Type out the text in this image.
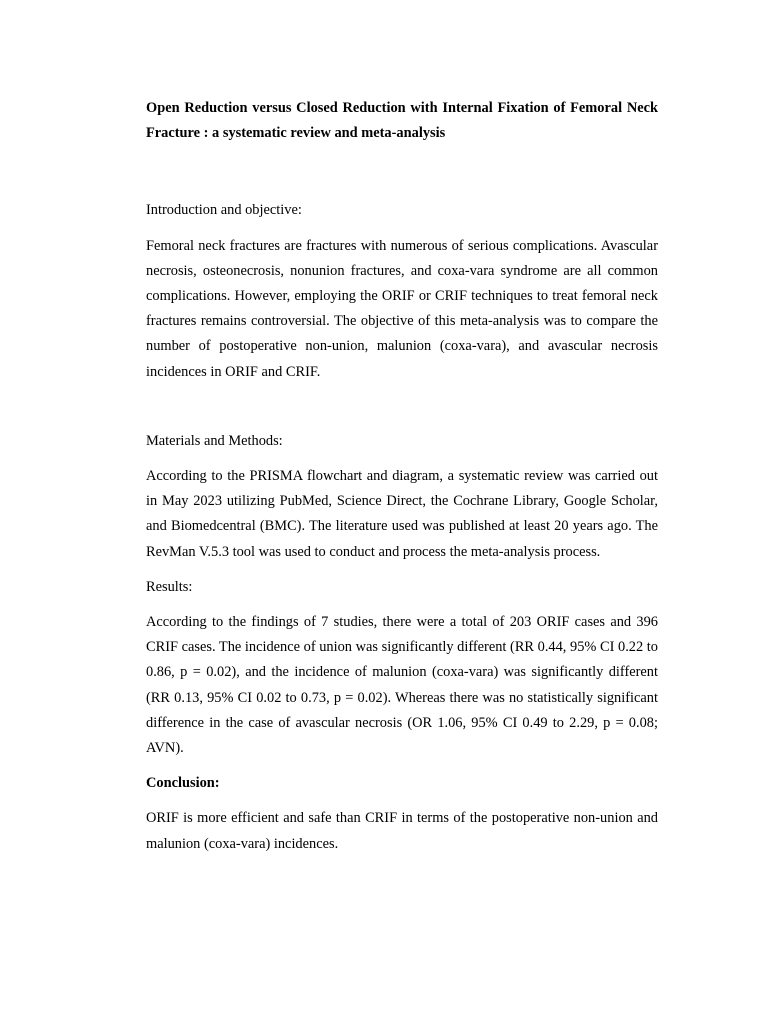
Open Reduction versus Closed Reduction with Internal Fixation of Femoral Neck Fracture : a systematic review and meta-analysis

Introduction and objective:

Femoral neck fractures are fractures with numerous of serious complications. Avascular necrosis, osteonecrosis, nonunion fractures, and coxa-vara syndrome are all common complications. However, employing the ORIF or CRIF techniques to treat femoral neck fractures remains controversial. The objective of this meta-analysis was to compare the number of postoperative non-union, malunion (coxa-vara), and avascular necrosis incidences in ORIF and CRIF.

Materials and Methods:

According to the PRISMA flowchart and diagram, a systematic review was carried out in May 2023 utilizing PubMed, Science Direct, the Cochrane Library, Google Scholar, and Biomedcentral (BMC). The literature used was published at least 20 years ago. The RevMan V.5.3 tool was used to conduct and process the meta-analysis process.

Results:

According to the findings of 7 studies, there were a total of 203 ORIF cases and 396 CRIF cases. The incidence of union was significantly different (RR 0.44, 95% CI 0.22 to 0.86, p = 0.02), and the incidence of malunion (coxa-vara) was significantly different (RR 0.13, 95% CI 0.02 to 0.73, p = 0.02). Whereas there was no statistically significant difference in the case of avascular necrosis (OR 1.06, 95% CI 0.49 to 2.29, p = 0.08; AVN).

Conclusion:

ORIF is more efficient and safe than CRIF in terms of the postoperative non-union and malunion (coxa-vara) incidences.
